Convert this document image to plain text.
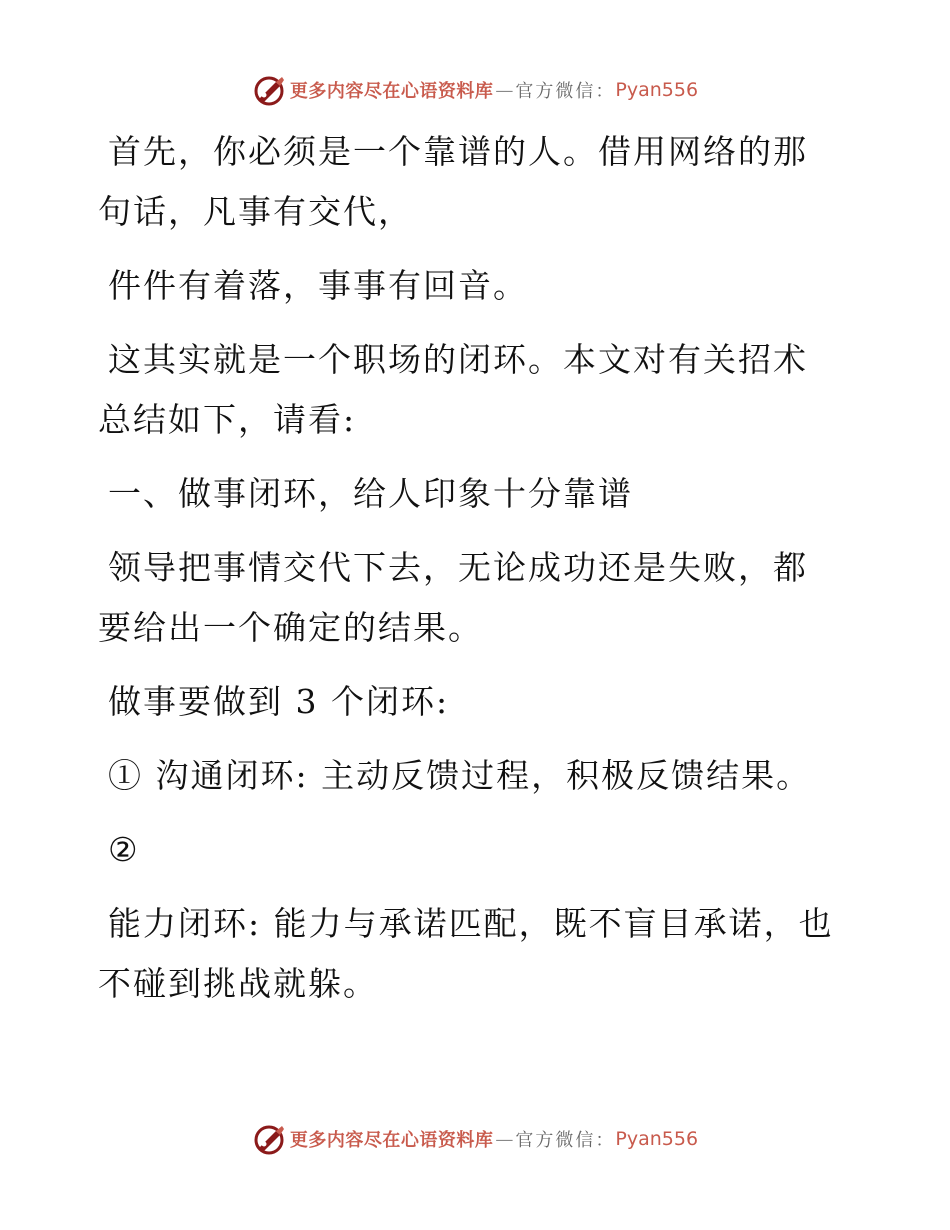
更多内容尽在心语资料库 — 官方微信： Pyan556

首先，你必须是一个靠谱的人。借用网络的那句话，凡事有交代，

件件有着落，事事有回音。

这其实就是一个职场的闭环。本文对有关招术总结如下，请看:

一、做事闭环，给人印象十分靠谱

领导把事情交代下去，无论成功还是失败，都要给出一个确定的结果。

做事要做到 3 个闭环:

① 沟通闭环: 主动反馈过程，积极反馈结果。

②

能力闭环: 能力与承诺匹配，既不盲目承诺，也不碰到挑战就躲。

更多内容尽在心语资料库 — 官方微信： Pyan556
